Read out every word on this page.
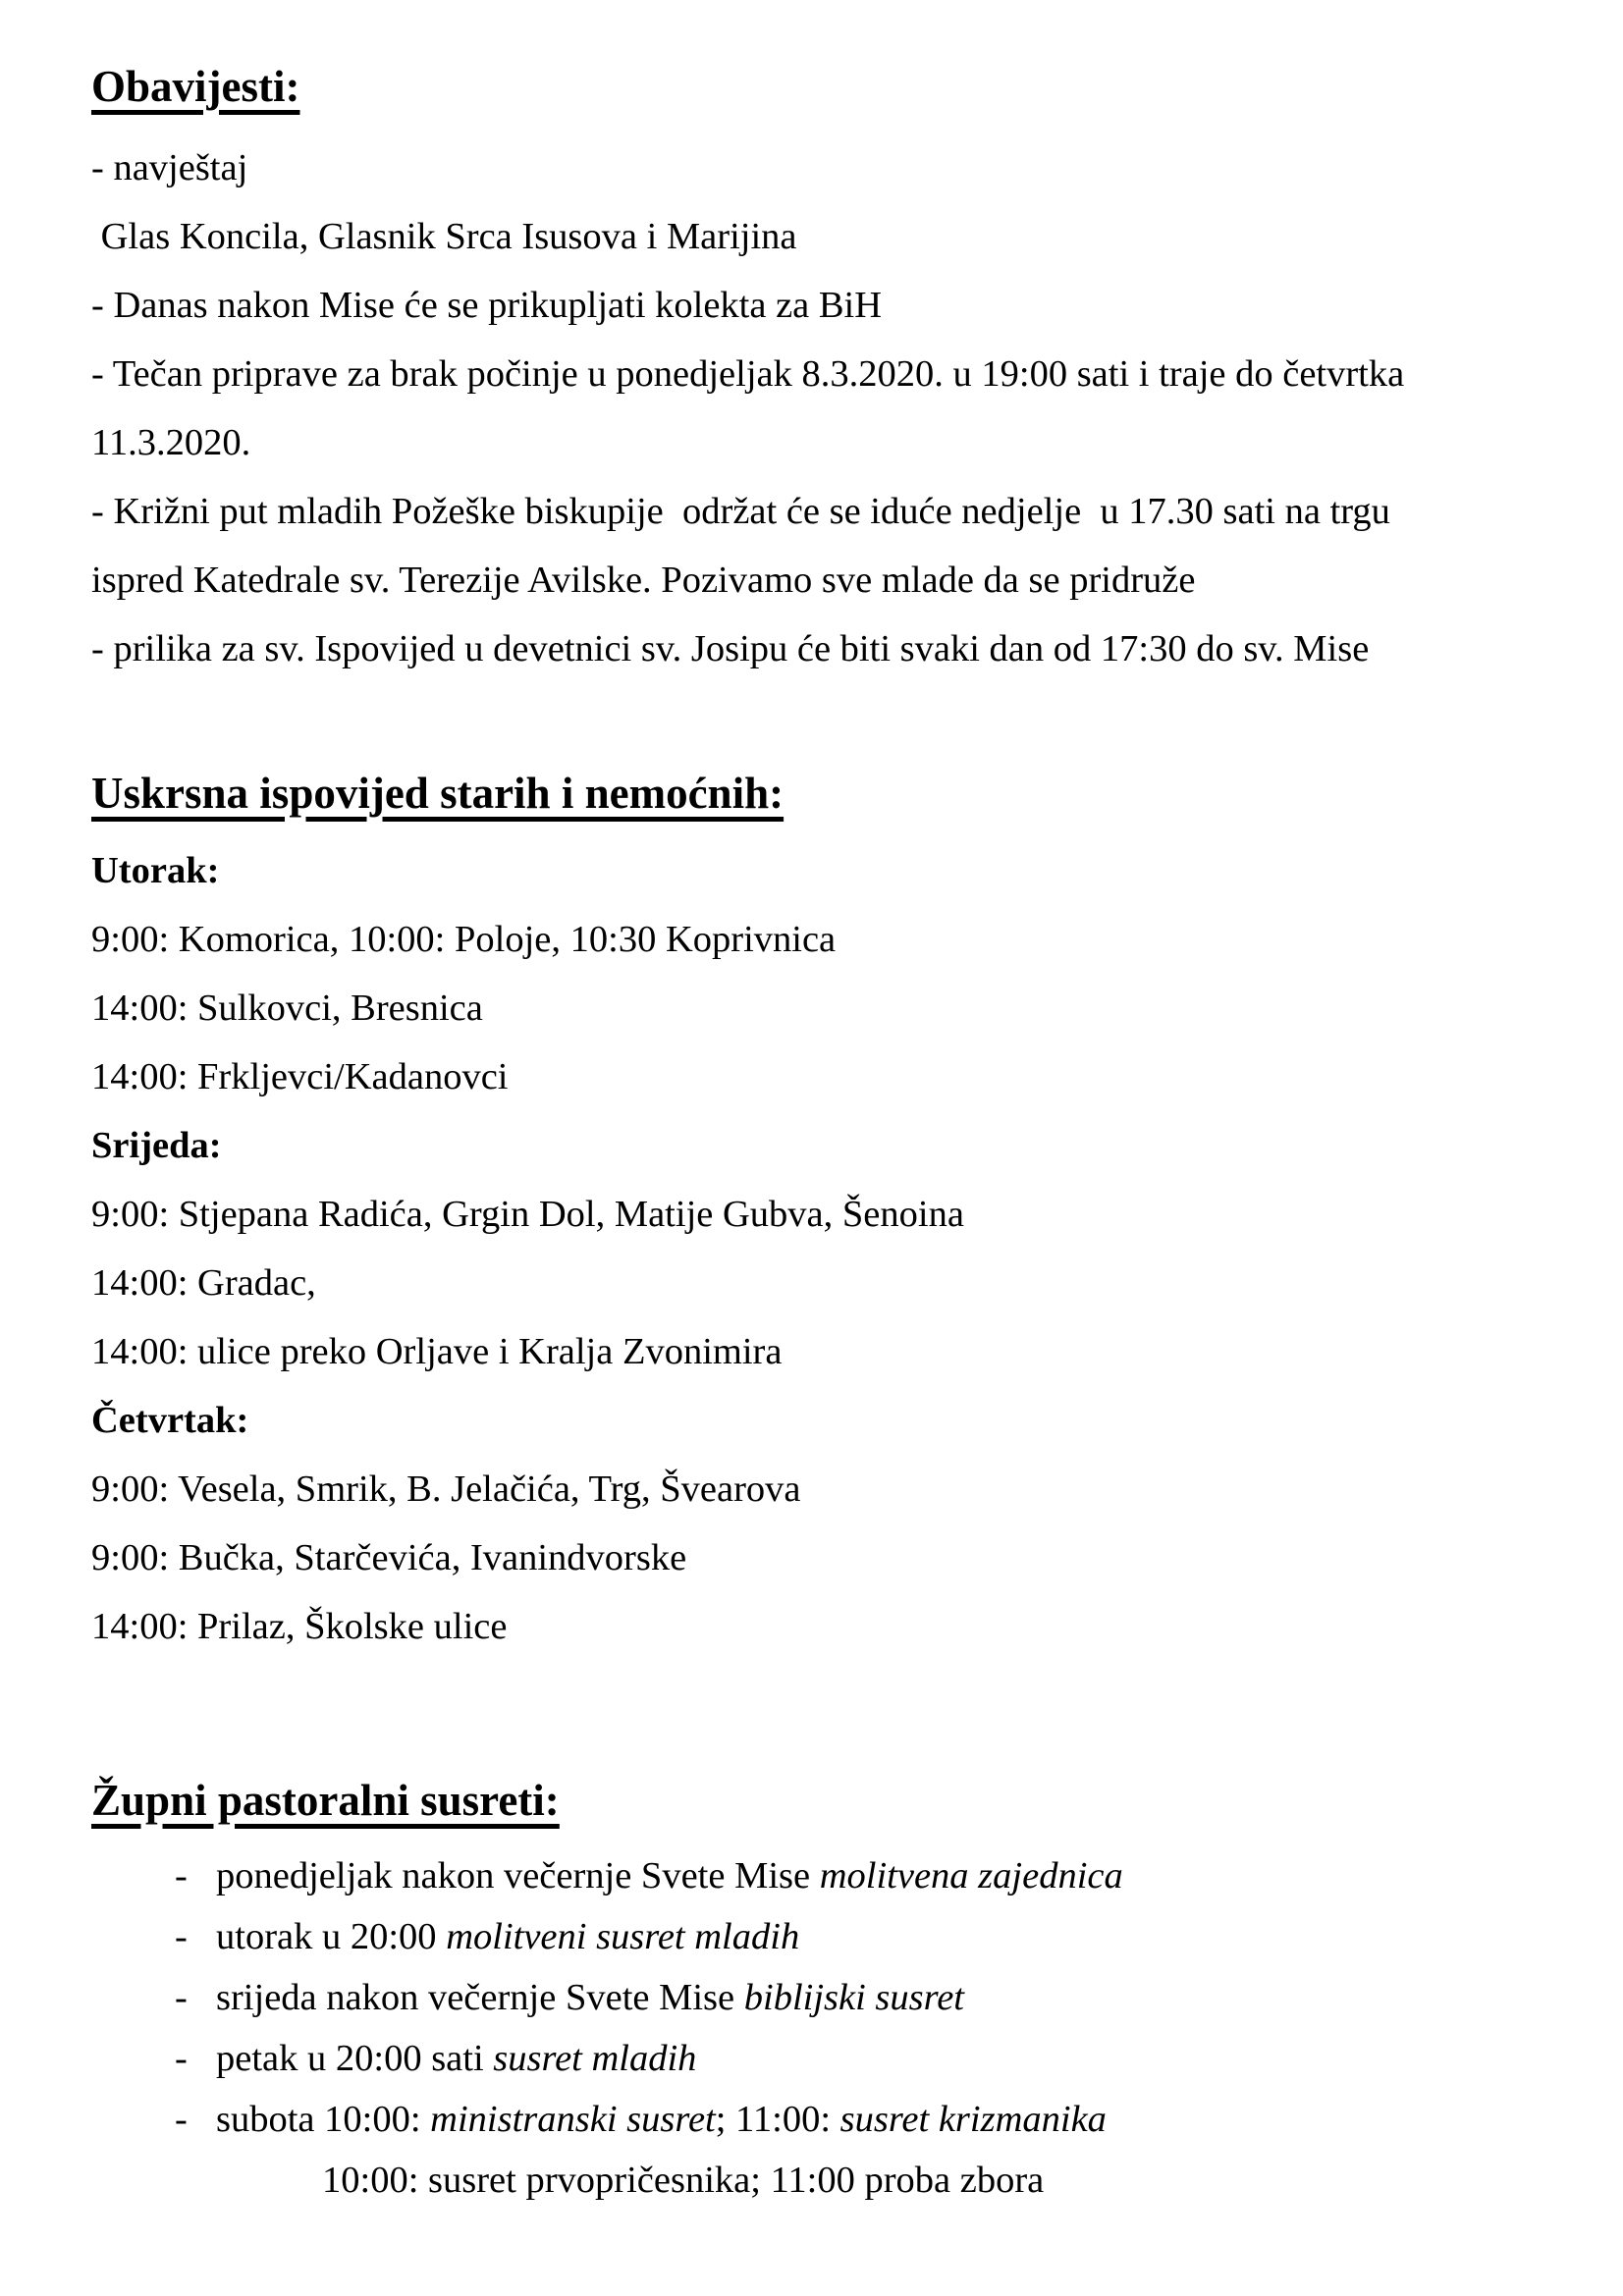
Obavijesti:
- navještaj
Glas Koncila, Glasnik Srca Isusova i Marijina
- Danas nakon Mise će se prikupljati kolekta za BiH
- Tečan priprave za brak počinje u ponedjeljak 8.3.2020. u 19:00 sati i traje do četvrtka
11.3.2020.
- Križni put mladih Požeške biskupije  održat će se iduće nedjelje  u 17.30 sati na trgu
ispred Katedrale sv. Terezije Avilske. Pozivamo sve mlade da se pridruže
- prilika za sv. Ispovijed u devetnici sv. Josipu će biti svaki dan od 17:30 do sv. Mise
Uskrsna ispovijed starih i nemoćnih:
Utorak:
9:00: Komorica, 10:00: Poloje, 10:30 Koprivnica
14:00: Sulkovci, Bresnica
14:00: Frkljevci/Kadanovci
Srijeda:
9:00: Stjepana Radića, Grgin Dol, Matije Gubva, Šenoina
14:00: Gradac,
14:00: ulice preko Orljave i Kralja Zvonimira
Četvrtak:
9:00: Vesela, Smrik, B. Jelačića, Trg, Švearova
9:00: Bučka, Starčevića, Ivanindvorske
14:00: Prilaz, Školske ulice
Župni pastoralni susreti:
- ponedjeljak nakon večernje Svete Mise molitvena zajednica
- utorak u 20:00 molitveni susret mladih
- srijeda nakon večernje Svete Mise biblijski susret
- petak u 20:00 sati susret mladih
- subota 10:00: ministranski susret; 11:00: susret krizmanika
10:00: susret prvopričesnika; 11:00 proba zbora
